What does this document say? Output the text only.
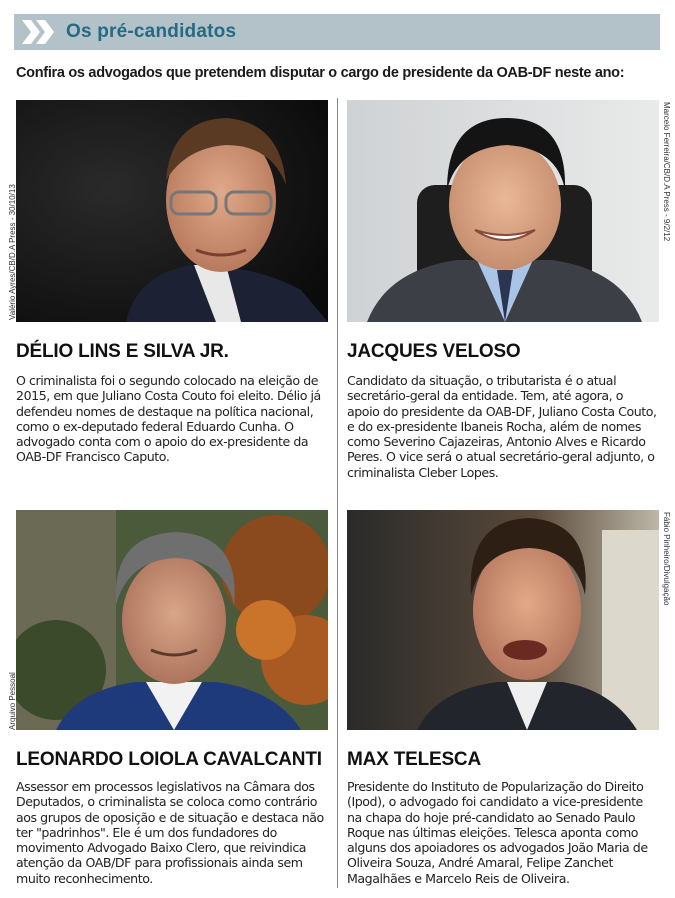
Os pré-candidatos
Confira os advogados que pretendem disputar o cargo de presidente da OAB-DF neste ano:
Valério Ayres/CB/D.A Press - 30/10/13
Marcelo Ferreira/CB/D.A Press - 9/2/12
DÉLIO LINS E SILVA JR.	JACQUES VELOSO
O criminalista foi o segundo colocado na eleição de 2015, em que Juliano Costa Couto foi eleito. Délio já defendeu nomes de destaque na política nacional, como o ex-deputado federal Eduardo Cunha. O advogado conta com o apoio do ex-presidente da OAB-DF Francisco Caputo.
Candidato da situação, o tributarista é o atual secretário-geral da entidade. Tem, até agora, o apoio do presidente da OAB-DF, Juliano Costa Couto, e do ex-presidente Ibaneis Rocha, além de nomes como Severino Cajazeiras, Antonio Alves e Ricardo Peres. O vice será o atual secretário-geral adjunto, o criminalista Cleber Lopes.
Arquivo Pessoal
Fábio Pinheiro/Divulgação
LEONARDO LOIOLA CAVALCANTI MAX TELESCA
Assessor em processos legislativos na Câmara dos Deputados, o criminalista se coloca como contrário aos grupos de oposição e de situação e destaca não ter "padrinhos". Ele é um dos fundadores do movimento Advogado Baixo Clero, que reivindica atenção da OAB/DF para profissionais ainda sem muito reconhecimento.
Presidente do Instituto de Popularização do Direito (Ipod), o advogado foi candidato a vice-presidente na chapa do hoje pré-candidato ao Senado Paulo Roque nas últimas eleições. Telesca aponta como alguns dos apoiadores os advogados João Maria de Oliveira Souza, André Amaral, Felipe Zanchet Magalhães e Marcelo Reis de Oliveira.
